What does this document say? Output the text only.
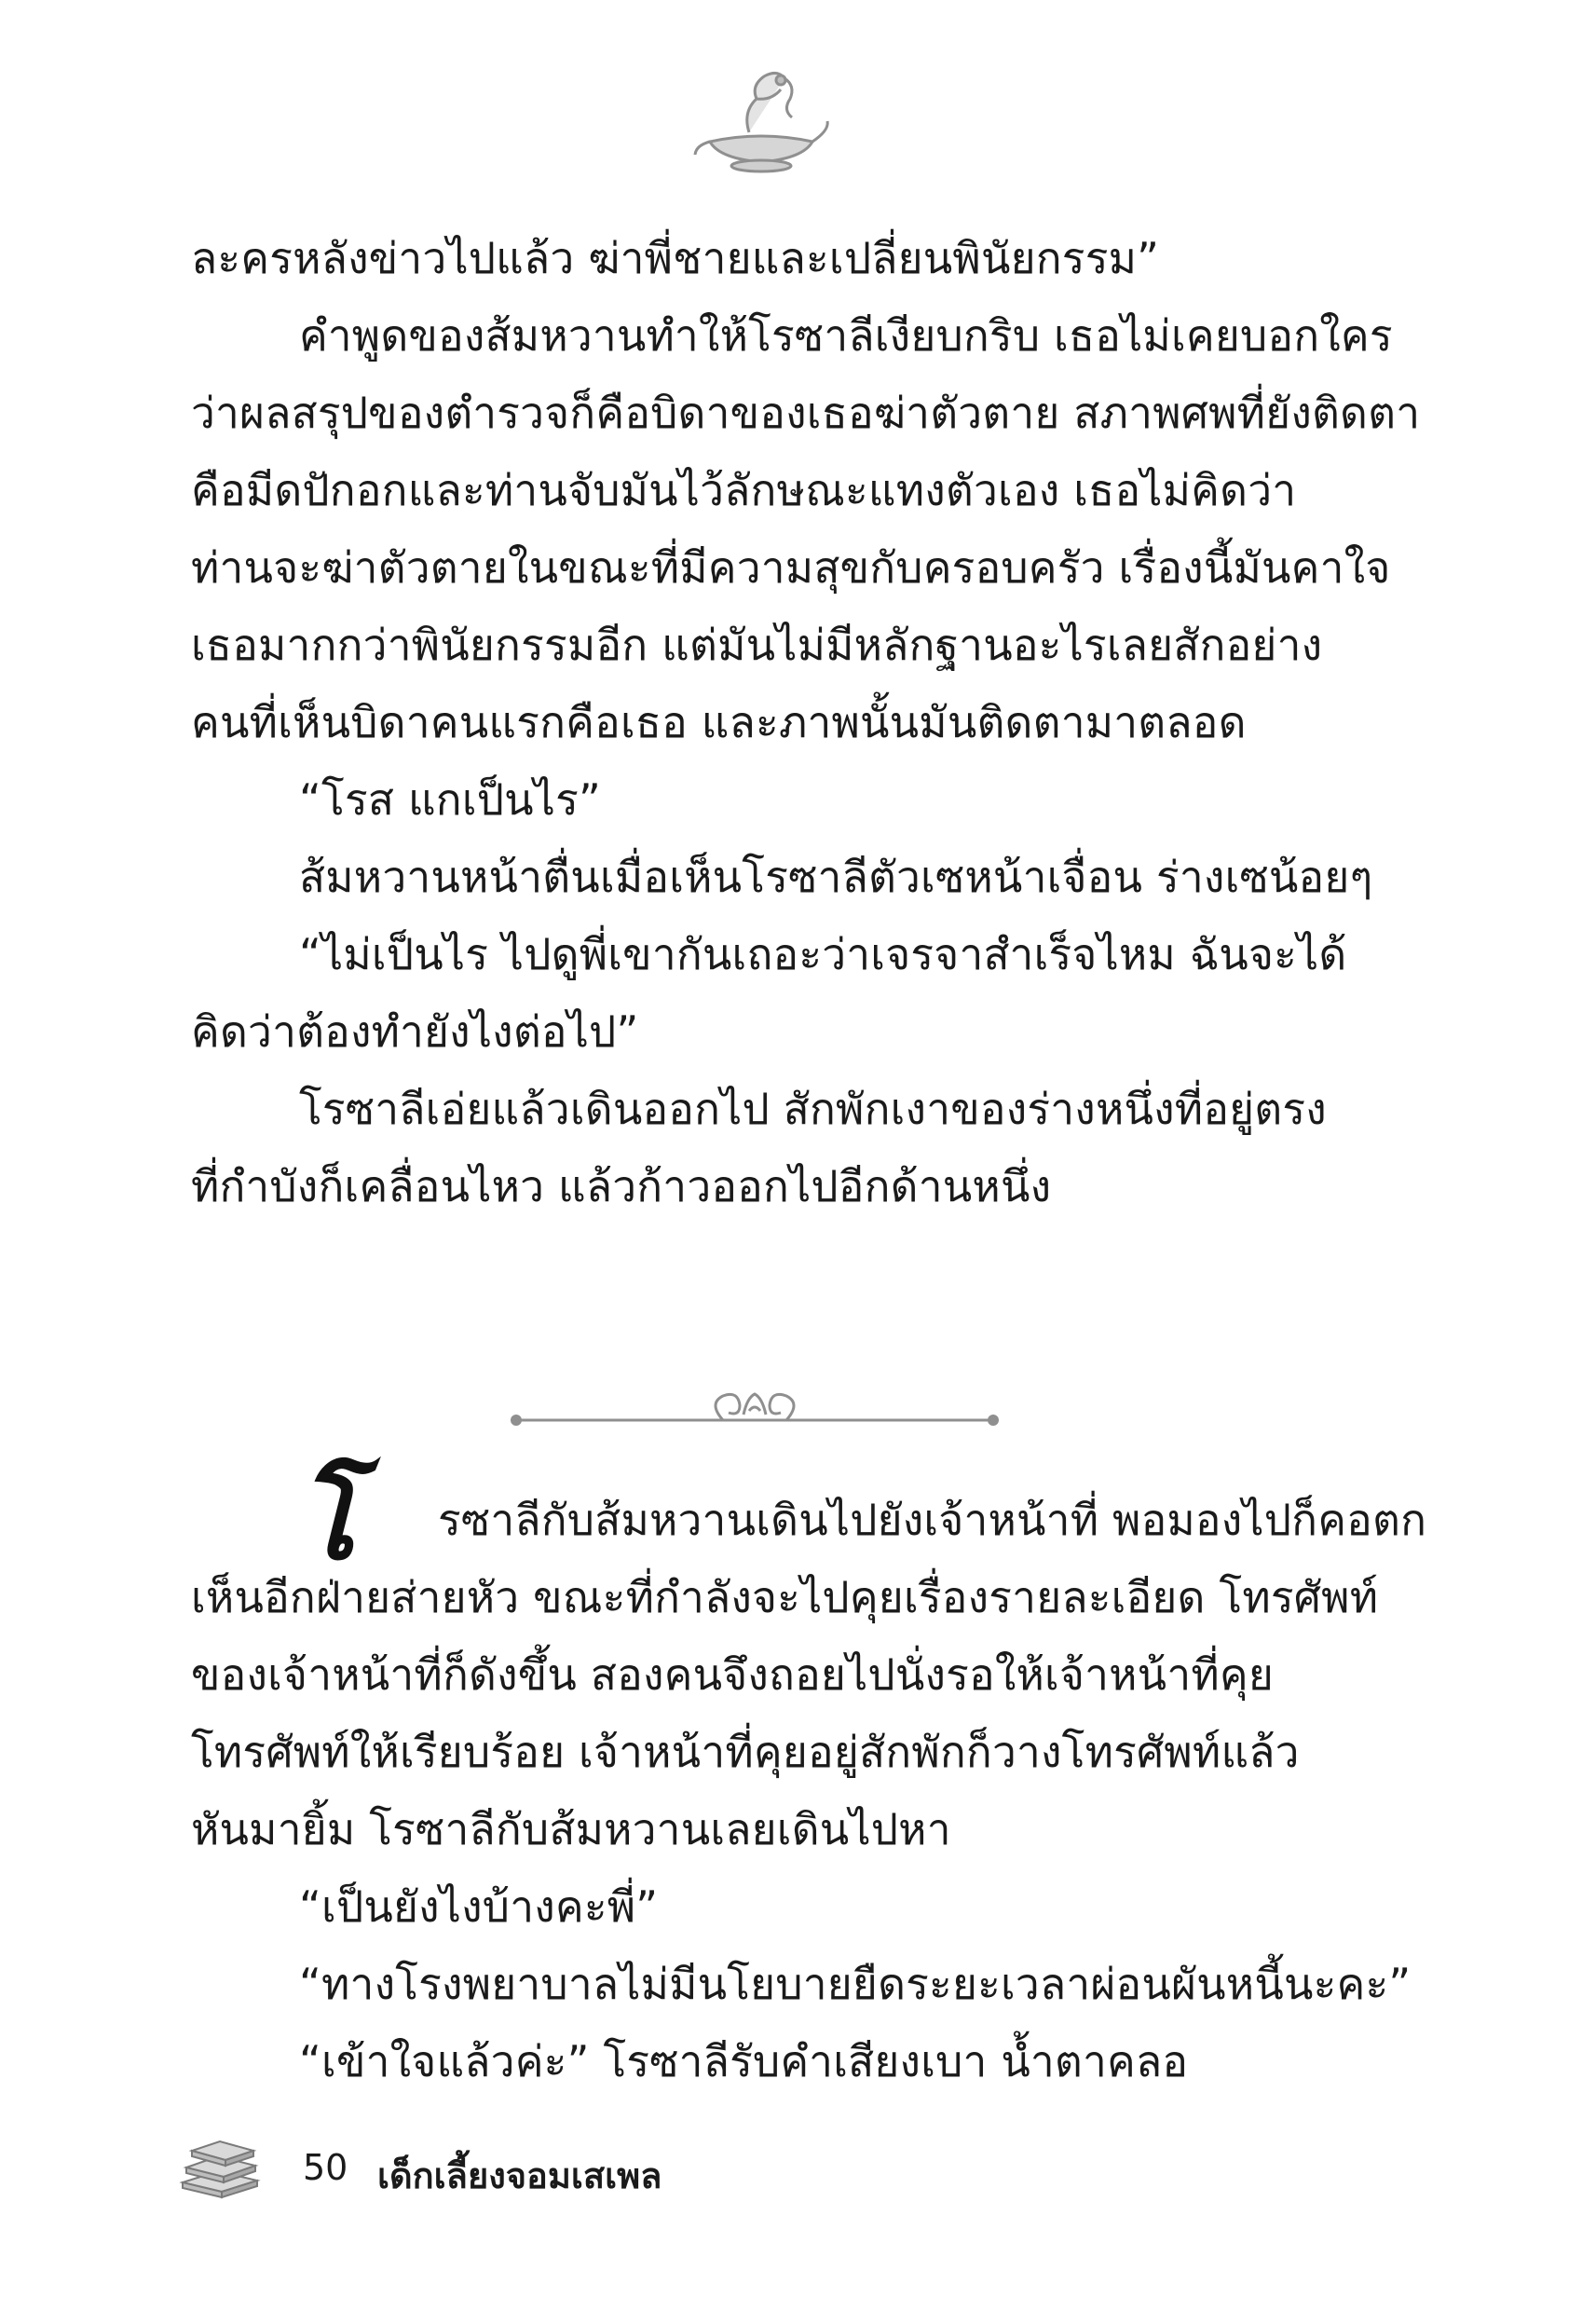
ละครหลังข่าวไปแล้ว ฆ่าพี่ชายและเปลี่ยนพินัยกรรม”

คำพูดของส้มหวานทำให้โรซาลีเงียบกริบ เธอไม่เคยบอกใคร

ว่าผลสรุปของตำรวจก็คือบิดาของเธอฆ่าตัวตาย สภาพศพที่ยังติดตา

คือมีดปักอกและท่านจับมันไว้ลักษณะแทงตัวเอง เธอไม่คิดว่า

ท่านจะฆ่าตัวตายในขณะที่มีความสุขกับครอบครัว เรื่องนี้มันคาใจ

เธอมากกว่าพินัยกรรมอีก แต่มันไม่มีหลักฐานอะไรเลยสักอย่าง

คนที่เห็นบิดาคนแรกคือเธอ และภาพนั้นมันติดตามาตลอด

“โรส แกเป็นไร”

ส้มหวานหน้าตื่นเมื่อเห็นโรซาลีตัวเซหน้าเจื่อน ร่างเซน้อยๆ

“ไม่เป็นไร ไปดูพี่เขากันเถอะว่าเจรจาสำเร็จไหม ฉันจะได้

คิดว่าต้องทำยังไงต่อไป”

โรซาลีเอ่ยแล้วเดินออกไป สักพักเงาของร่างหนึ่งที่อยู่ตรง

ที่กำบังก็เคลื่อนไหว แล้วก้าวออกไปอีกด้านหนึ่ง

โ	รซาลีกับส้มหวานเดินไปยังเจ้าหน้าที่ พอมองไปก็คอตก

เห็นอีกฝ่ายส่ายหัว ขณะที่กำลังจะไปคุยเรื่องรายละเอียด โทรศัพท์

ของเจ้าหน้าที่ก็ดังขึ้น สองคนจึงถอยไปนั่งรอให้เจ้าหน้าที่คุย

โทรศัพท์ให้เรียบร้อย เจ้าหน้าที่คุยอยู่สักพักก็วางโทรศัพท์แล้ว

หันมายิ้ม โรซาลีกับส้มหวานเลยเดินไปหา

“เป็นยังไงบ้างคะพี่”

“ทางโรงพยาบาลไม่มีนโยบายยืดระยะเวลาผ่อนผันหนี้นะคะ”

“เข้าใจแล้วค่ะ” โรซาลีรับคำเสียงเบา น้ำตาคลอ

50 เด็กเลี้ยงจอมเสเพล
